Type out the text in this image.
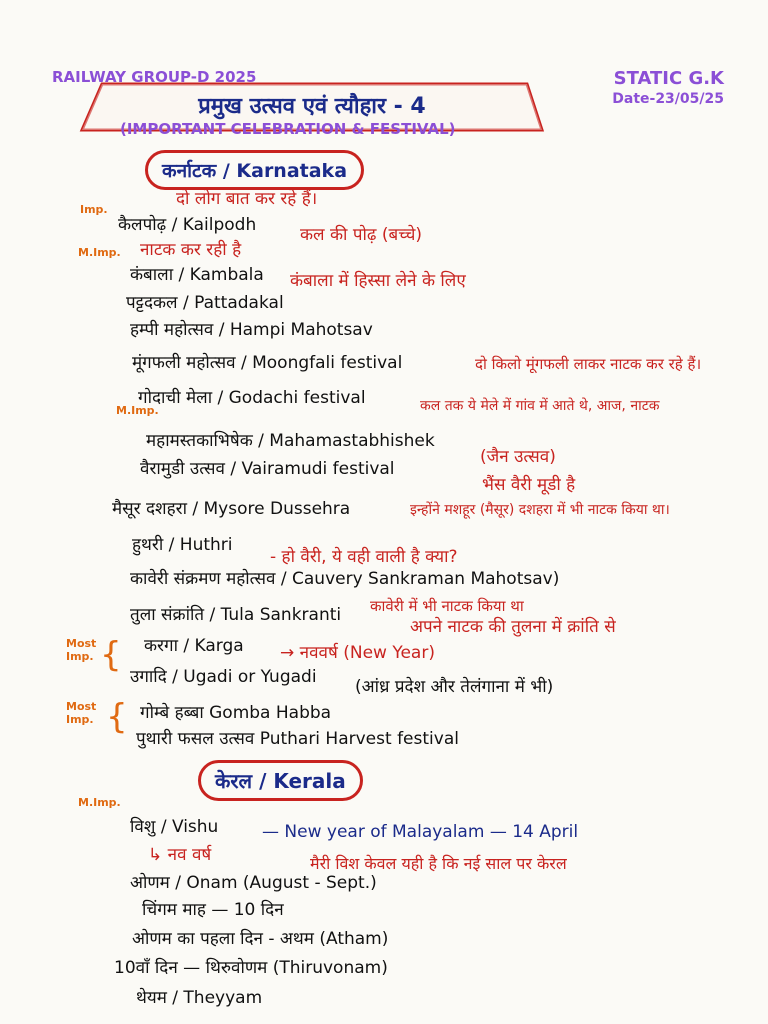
RAILWAY GROUP-D 2025	STATIC G.K
Date-23/05/25
प्रमुख उत्सव एवं त्यौहार - 4
(IMPORTANT CELEBRATION & FESTIVAL)
कर्नाटक / Karnataka
दो लोग बात कर रहे हैं।
Imp.
कैलपोढ़ / Kailpodh	कल की पोढ़ (बच्चे)
M.Imp. नाटक कर रही है
कंबाला / Kambala कंबाला में हिस्सा लेने के लिए
पट्टदकल / Pattadakal
हम्पी महोत्सव / Hampi Mahotsav
मूंगफली महोत्सव / Moongfali festival	दो किलो मूंगफली लाकर नाटक कर रहे हैं।
गोदाची मेला / Godachi festival	कल तक ये मेले में गांव में आते थे, आज, नाटक
M.Imp.
महामस्तकाभिषेक / Mahamastabhishek
(जैन उत्सव)
वैरामुडी उत्सव / Vairamudi festival
भैंस वैरी मूडी है
मैसूर दशहरा / Mysore Dussehra	इन्होंने मशहूर (मैसूर) दशहरा में भी नाटक किया था।
हुथरी / Huthri
- हो वैरी, ये वही वाली है क्या?
कावेरी संक्रमण महोत्सव / Cauvery Sankraman Mahotsav)
कावेरी में भी नाटक किया था
तुला संक्रांति / Tula Sankranti
अपने नाटक की तुलना में क्रांति से
Most Imp. { करगा / Karga → नववर्ष (New Year)
उगादि / Ugadi or Yugadi (आंध्र प्रदेश और तेलंगाना में भी)
Most Imp. { गोम्बे हब्बा Gomba Habba
पुथारी फसल उत्सव Puthari Harvest festival
केरल / Kerala
M.Imp.
विशु / Vishu	— New year of Malayalam — 14 April
↳ नव वर्ष	मैरी विश केवल यही है कि नई साल पर केरल
ओणम / Onam (August - Sept.)
चिंगम माह — 10 दिन
ओणम का पहला दिन - अथम (Atham)
10वाँ दिन — थिरुवोणम (Thiruvonam)
थेयम / Theyyam
